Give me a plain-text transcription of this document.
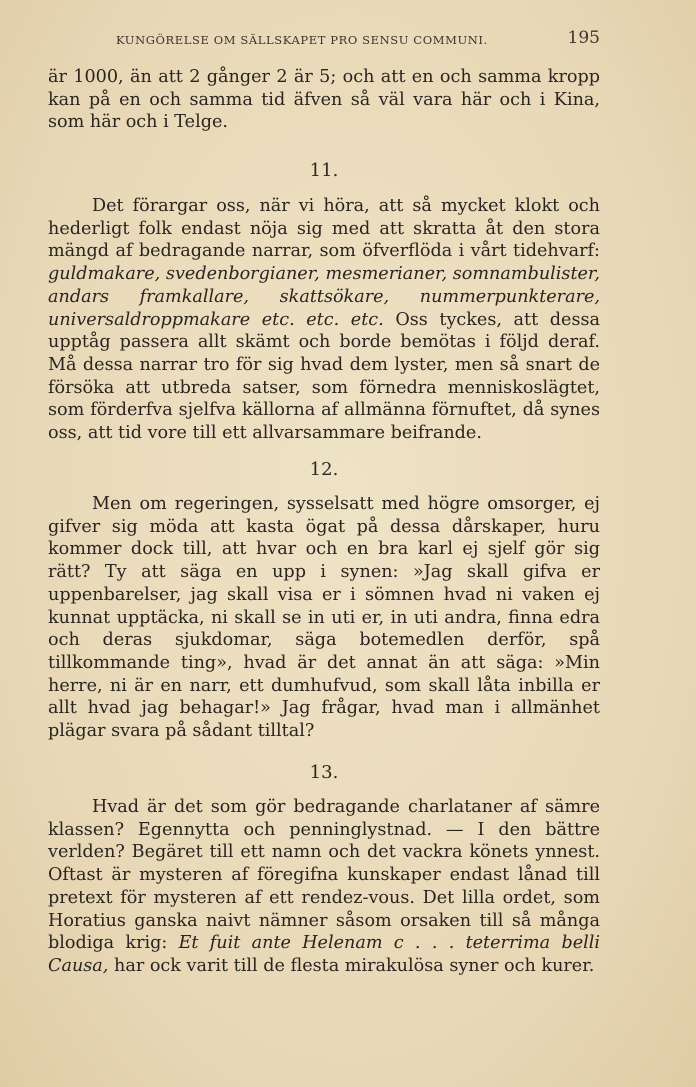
KUNGÖRELSE OM SÄLLSKAPET PRO SENSU COMMUNI.	195

är 1000, än att 2 gånger 2 är 5; och att en och samma kropp kan på en och samma tid äfven så väl vara här och i Kina, som här och i Telge.

11.

Det förargar oss, när vi höra, att så mycket klokt och hederligt folk endast nöja sig med att skratta åt den stora mängd af bedragande narrar, som öfverflöda i vårt tidehvarf: guldmakare, svedenborgianer, mesmerianer, somnambulister, andars framkallare, skattsökare, nummerpunkterare, universaldroppmakare etc. etc. etc. Oss tyckes, att dessa upptåg passera allt skämt och borde bemötas i följd deraf. Må dessa narrar tro för sig hvad dem lyster, men så snart de försöka att utbreda satser, som förnedra menniskoslägtet, som förderfva sjelfva källorna af allmänna förnuftet, då synes oss, att tid vore till ett allvarsammare beifrande.

12.

Men om regeringen, sysselsatt med högre omsorger, ej gifver sig möda att kasta ögat på dessa dårskaper, huru kommer dock till, att hvar och en bra karl ej sjelf gör sig rätt? Ty att säga en upp i synen: »Jag skall gifva er uppenbarelser, jag skall visa er i sömnen hvad ni vaken ej kunnat upptäcka, ni skall se in uti er, in uti andra, finna edra och deras sjukdomar, säga botemedlen derför, spå tillkommande ting», hvad är det annat än att säga: »Min herre, ni är en narr, ett dumhufvud, som skall låta inbilla er allt hvad jag behagar!» Jag frågar, hvad man i allmänhet plägar svara på sådant tilltal?

13.

Hvad är det som gör bedragande charlataner af sämre klassen? Egennytta och penninglystnad. — I den bättre verlden? Begäret till ett namn och det vackra könets ynnest. Oftast är mysteren af föregifna kunskaper endast lånad till pretext för mysteren af ett rendez-vous. Det lilla ordet, som Horatius ganska naivt nämner såsom orsaken till så många blodiga krig: Et fuit ante Helenam c . . . teterrima belli Causa, har ock varit till de flesta mirakulösa syner och kurer.
